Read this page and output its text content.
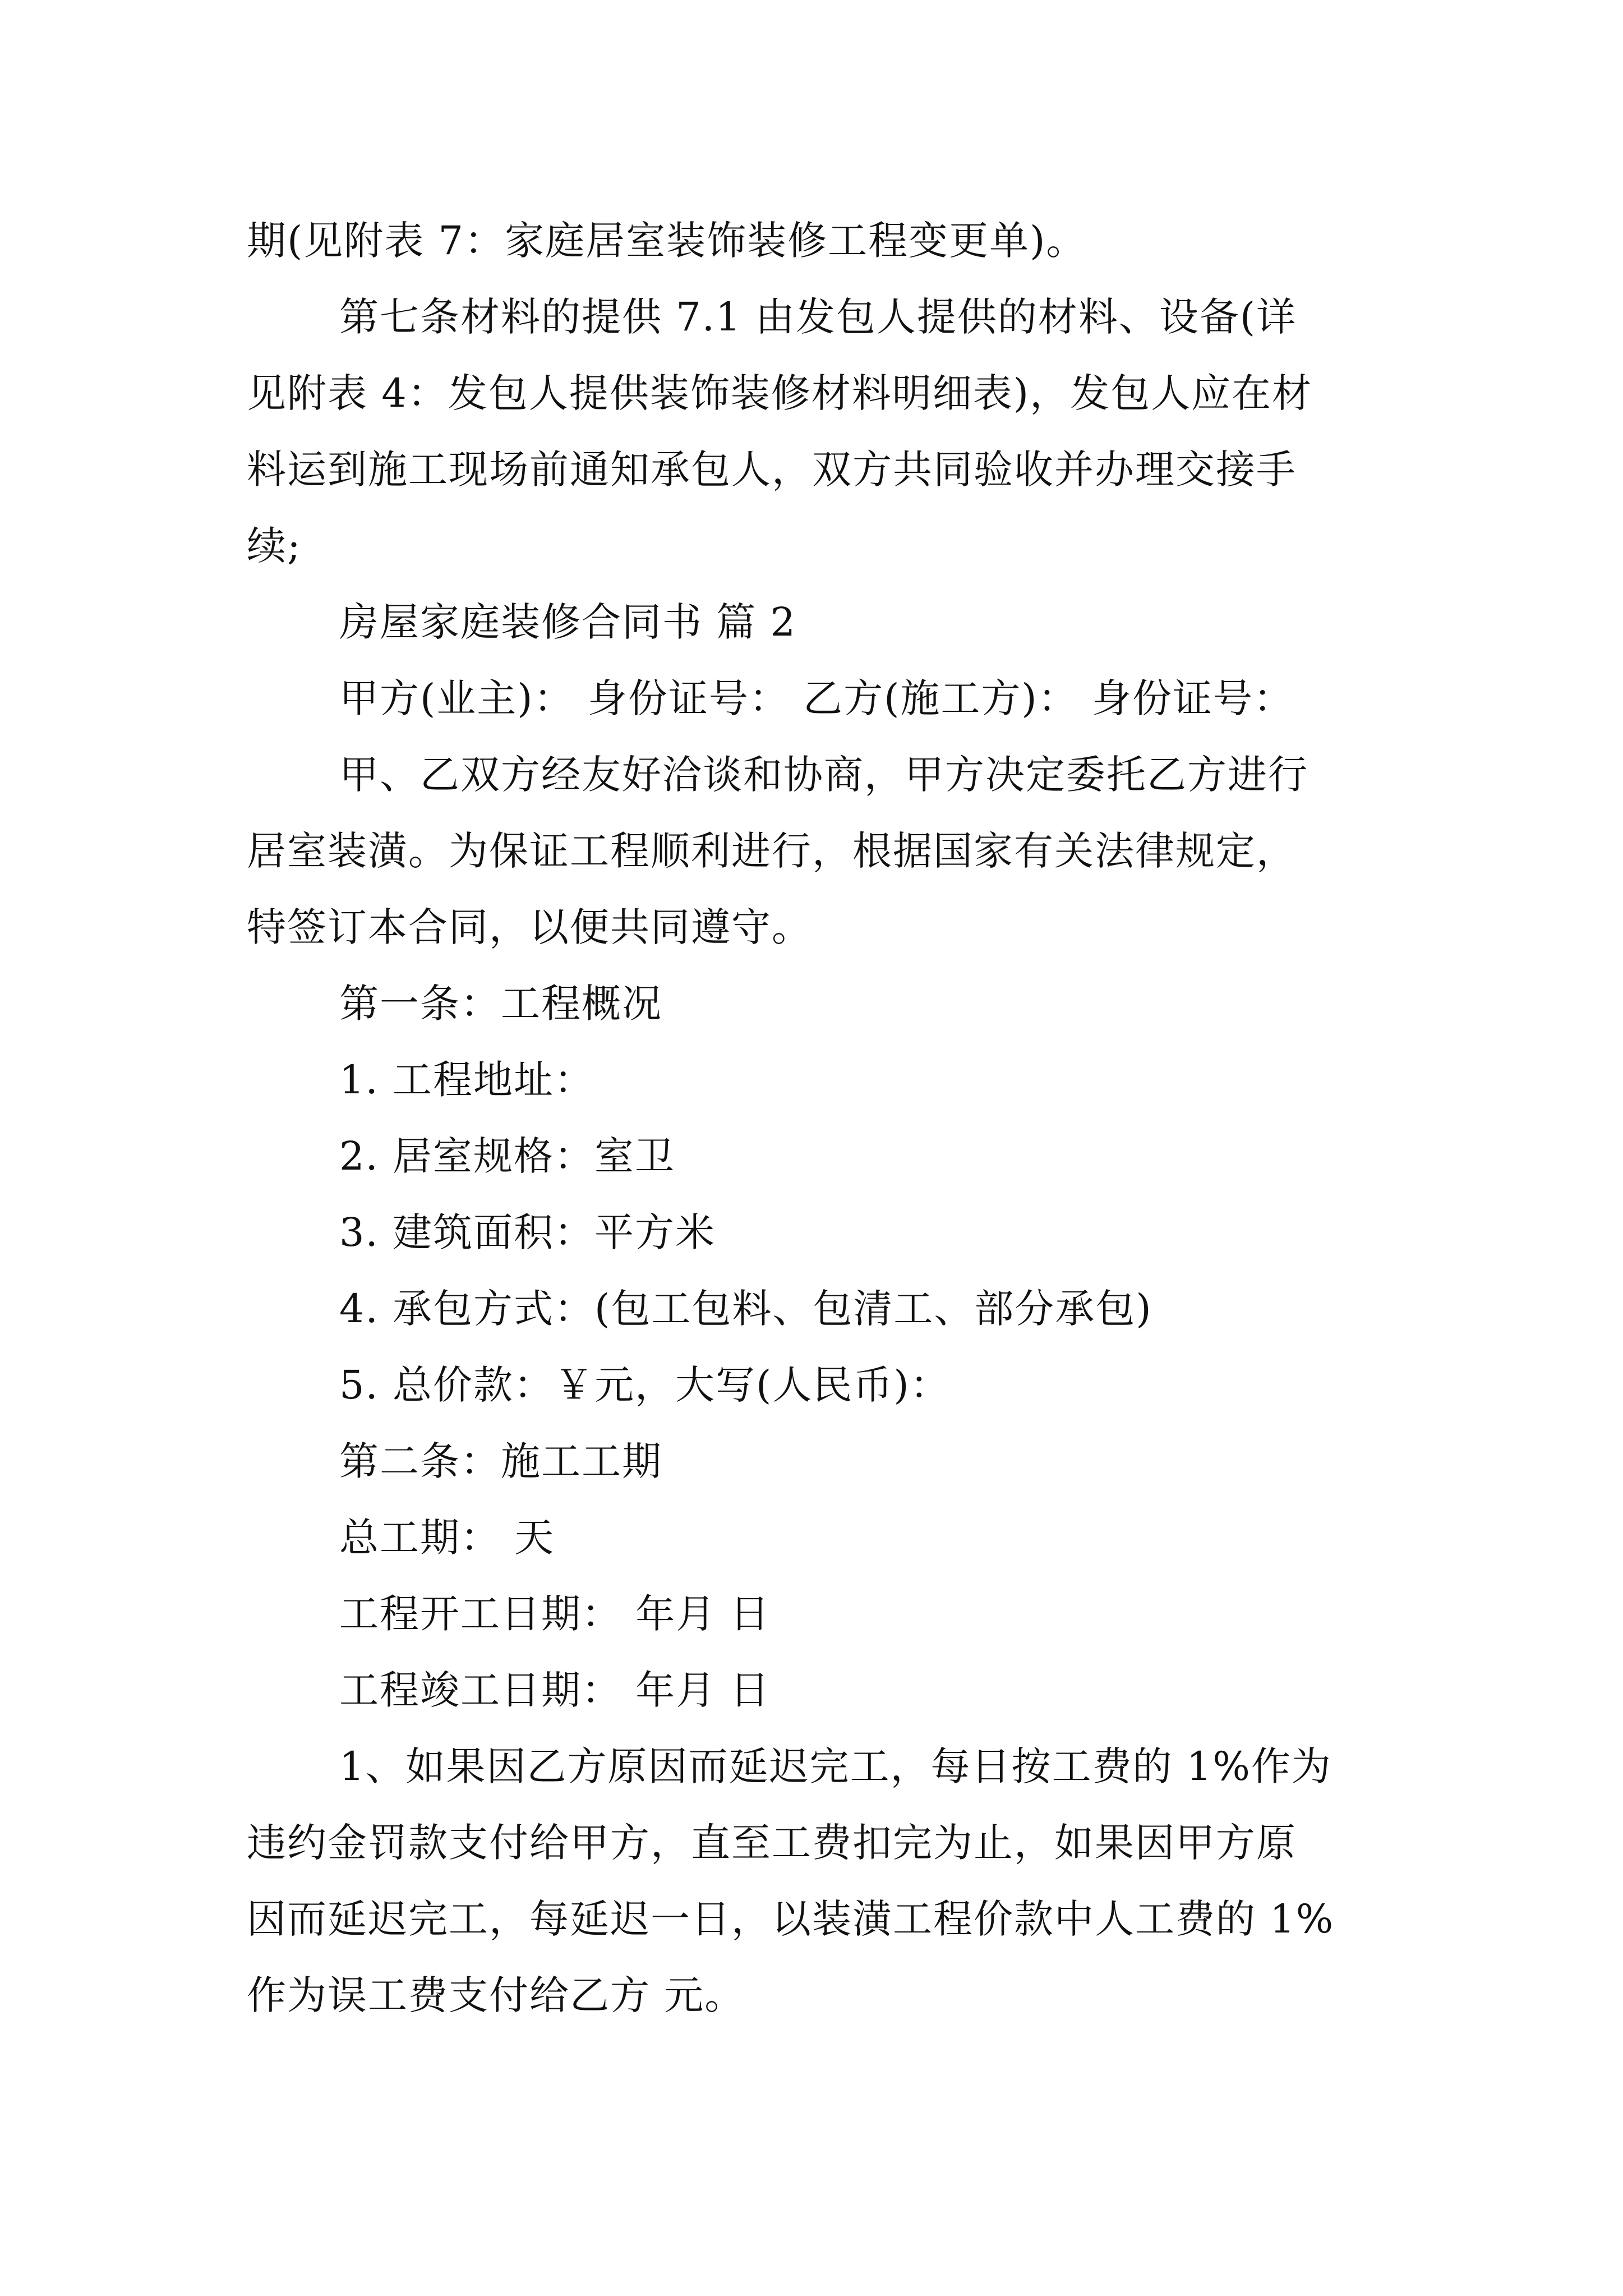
期(见附表 7：家庭居室装饰装修工程变更单)。
第七条材料的提供 7.1 由发包人提供的材料、设备(详
见附表 4：发包人提供装饰装修材料明细表)，发包人应在材
料运到施工现场前通知承包人，双方共同验收并办理交接手
续;
房屋家庭装修合同书 篇 2
甲方(业主)： 身份证号： 乙方(施工方)： 身份证号：
甲、乙双方经友好洽谈和协商，甲方决定委托乙方进行
居室装潢。为保证工程顺利进行，根据国家有关法律规定，
特签订本合同，以便共同遵守。
第一条：工程概况
1. 工程地址：
2. 居室规格：室卫
3. 建筑面积：平方米
4. 承包方式：(包工包料、包清工、部分承包)
5. 总价款：￥元，大写(人民币)：
第二条：施工工期
总工期： 天
工程开工日期： 年月 日
工程竣工日期： 年月 日
1、如果因乙方原因而延迟完工，每日按工费的 1%作为
违约金罚款支付给甲方，直至工费扣完为止，如果因甲方原
因而延迟完工，每延迟一日，以装潢工程价款中人工费的 1%
作为误工费支付给乙方 元。
